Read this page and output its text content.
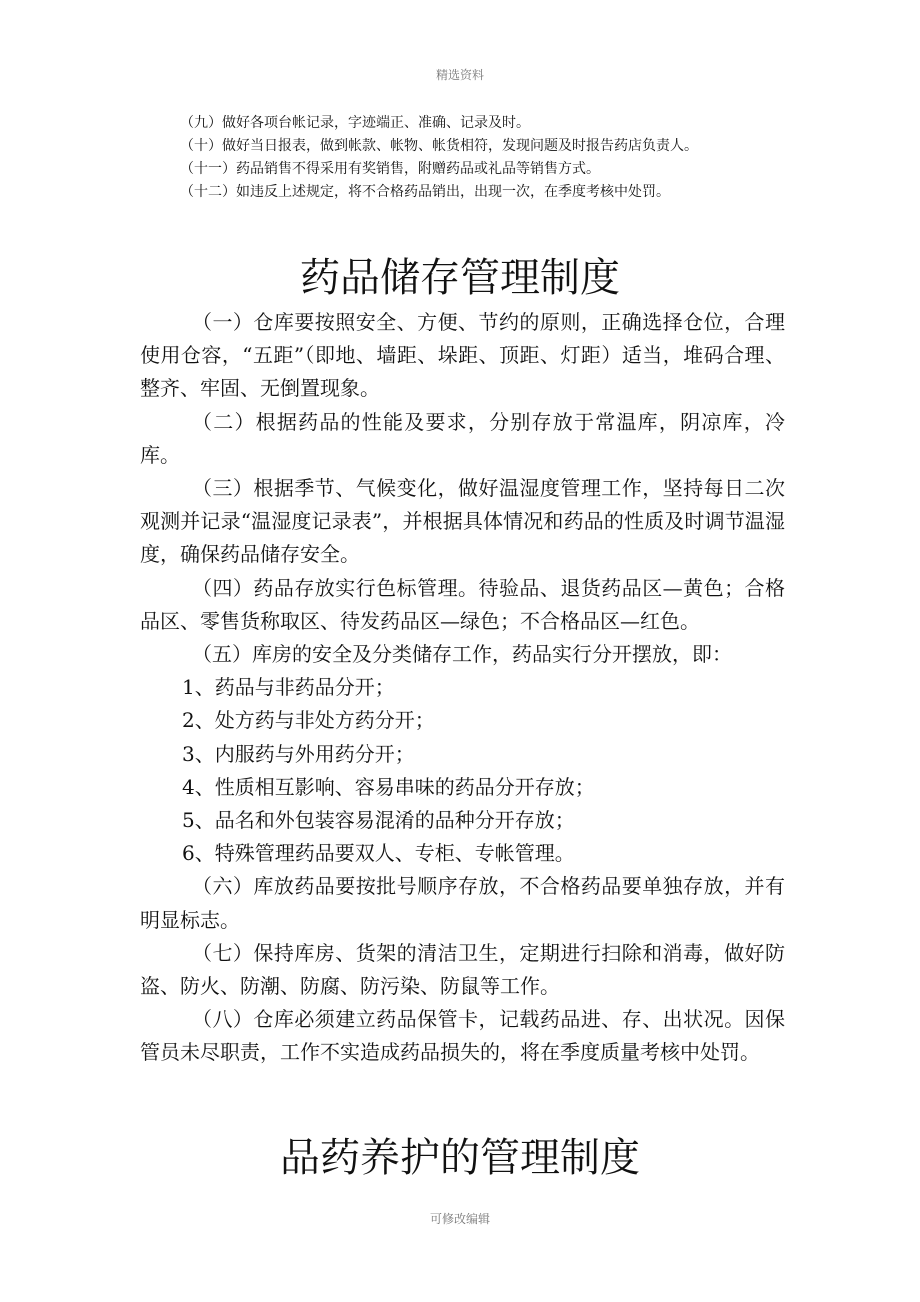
精选资料

（九）做好各项台帐记录，字迹端正、准确、记录及时。

（十）做好当日报表，做到帐款、帐物、帐货相符，发现问题及时报告药店负责人。

（十一）药品销售不得采用有奖销售，附赠药品或礼品等销售方式。

（十二）如违反上述规定，将不合格药品销出，出现一次，在季度考核中处罚。

药品储存管理制度

（一）仓库要按照安全、方便、节约的原则，正确选择仓位，合理使用仓容，“五距”（即地、墙距、垛距、顶距、灯距）适当，堆码合理、整齐、牢固、无倒置现象。

（二）根据药品的性能及要求，分别存放于常温库，阴凉库，冷库。

（三）根据季节、气候变化，做好温湿度管理工作，坚持每日二次观测并记录“温湿度记录表”，并根据具体情况和药品的性质及时调节温湿度，确保药品储存安全。

（四）药品存放实行色标管理。待验品、退货药品区—黄色；合格品区、零售货称取区、待发药品区—绿色；不合格品区—红色。

（五）库房的安全及分类储存工作，药品实行分开摆放，即：

1、药品与非药品分开；

2、处方药与非处方药分开；

3、内服药与外用药分开；

4、性质相互影响、容易串味的药品分开存放；

5、品名和外包装容易混淆的品种分开存放；

6、特殊管理药品要双人、专柜、专帐管理。

（六）库放药品要按批号顺序存放，不合格药品要单独存放，并有明显标志。

（七）保持库房、货架的清洁卫生，定期进行扫除和消毒，做好防盗、防火、防潮、防腐、防污染、防鼠等工作。

（八）仓库必须建立药品保管卡，记载药品进、存、出状况。因保管员未尽职责，工作不实造成药品损失的，将在季度质量考核中处罚。

品药养护的管理制度
可修改编辑
